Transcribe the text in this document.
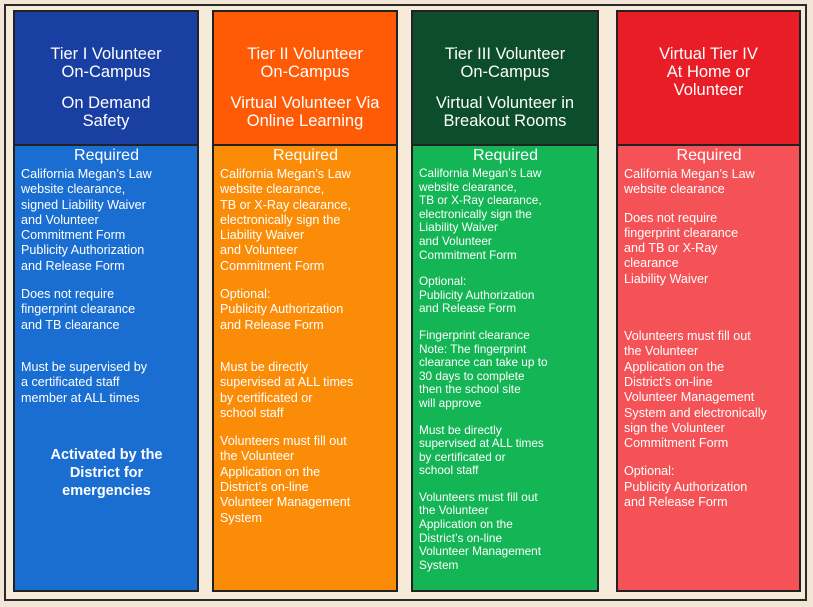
Tier I Volunteer
On-Campus
On Demand
Safety
Required

California Megan’s Law
website clearance,
signed Liability Waiver
and Volunteer
Commitment Form
Publicity Authorization
and Release Form

Does not require
fingerprint clearance
and TB clearance

Must be supervised by
a certificated staff
member at ALL times

Activated by the
District for
emergencies
Tier II Volunteer
On-Campus
Virtual Volunteer Via
Online Learning
Required

California Megan’s Law
website clearance,
TB or X-Ray clearance,
electronically sign the
Liability Waiver
and Volunteer
Commitment Form

Optional:
Publicity Authorization
and Release Form

Must be directly
supervised at ALL times
by certificated or
school staff

Volunteers must fill out
the Volunteer
Application on the
District’s on-line
Volunteer Management
System

Tier III Volunteer
On-Campus
Virtual Volunteer in
Breakout Rooms
Required

California Megan’s Law
website clearance,
TB or X-Ray clearance,
electronically sign the
Liability Waiver
and Volunteer
Commitment Form

Optional:
Publicity Authorization
and Release Form

Fingerprint clearance
Note: The fingerprint
clearance can take up to
30 days to complete
then the school site
will approve

Must be directly
supervised at ALL times
by certificated or
school staff

Volunteers must fill out
the Volunteer
Application on the
District’s on-line
Volunteer Management
System

Virtual Tier IV
At Home or
Volunteer
Required

California Megan’s Law
website clearance

Does not require
fingerprint clearance
and TB or X-Ray
clearance
Liability Waiver

Volunteers must fill out
the Volunteer
Application on the
District’s on-line
Volunteer Management
System and electronically
sign the Volunteer
Commitment Form

Optional:
Publicity Authorization
and Release Form
